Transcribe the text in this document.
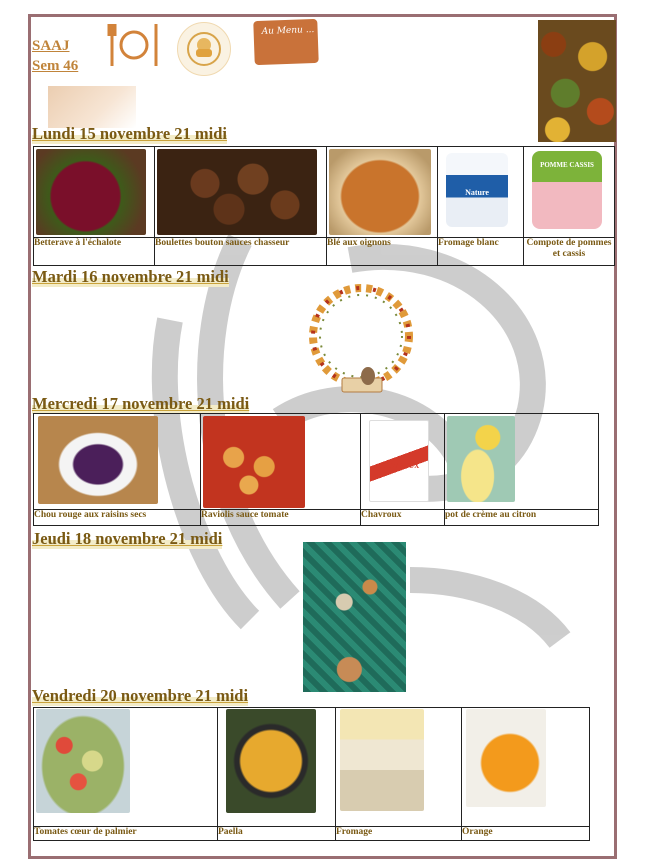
SAAJ
Sem 46
Au Menu ...
Lundi 15 novembre 21 midi

			Nature	POMME CASSIS

Betterave à l'échalote	Boulettes bouton sauces chasseur	Blé aux oignons	Fromage blanc	Compote de pommes et cassis
Mardi 16 novembre 21 midi
Mercredi 17 novembre 21 midi

		CHAVROUX	

Chou rouge aux raisins secs	Raviolis sauce tomate	Chavroux	pot de crème au citron
Jeudi 18 novembre 21 midi
Vendredi 20 novembre 21 midi

Tomates cœur de palmier	Paella	Fromage	Orange
